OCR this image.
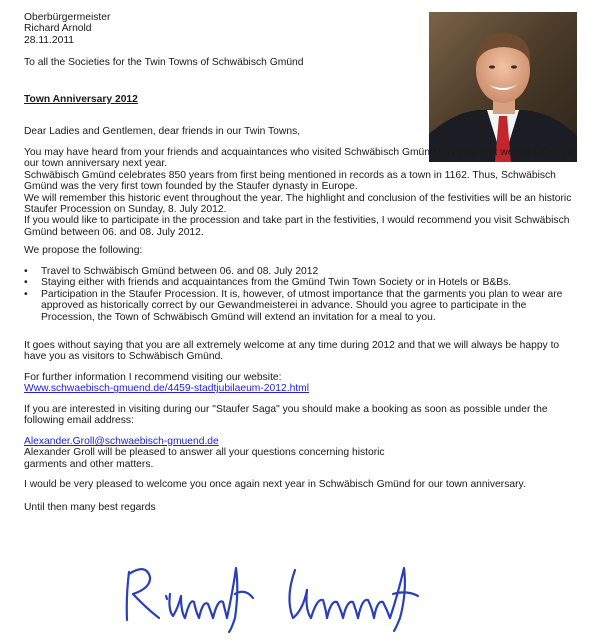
Oberbürgermeister
Richard Arnold
28.11.2011
To all the Societies for the Twin Towns of Schwäbisch Gmünd
Town Anniversary 2012
Dear Ladies and Gentlemen, dear friends in our Twin Towns,
You may have heard from your friends and acquaintances who visited Schwäbisch Gmünd this year that we will celebrate
our town anniversary next year.
Schwäbisch Gmünd celebrates 850 years from first being mentioned in records as a town in 1162. Thus, Schwäbisch
Gmünd was the very first town founded by the Staufer dynasty in Europe.
We will remember this historic event throughout the year. The highlight and conclusion of the festivities will be an historic
Staufer Procession on Sunday, 8. July 2012.
If you would like to participate in the procession and take part in the festivities, I would recommend you visit Schwäbisch
Gmünd between 06. and 08. July 2012.
We propose the following:
• Travel to Schwäbisch Gmünd between 06. and 08. July 2012
• Staying either with friends and acquaintances from the Gmünd Twin Town Society or in Hotels or B&Bs.
• Participation in the Staufer Procession. It is, however, of utmost importance that the garments you plan to wear are
approved as historically correct by our Gewandmeisterei in advance. Should you agree to participate in the
Procession, the Town of Schwäbisch Gmünd will extend an invitation for a meal to you.
It goes without saying that you are all extremely welcome at any time during 2012 and that we will always be happy to
have you as visitors to Schwäbisch Gmünd.
For further information I recommend visiting our website:
Www.schwaebisch-gmuend.de/4459-stadtjubilaeum-2012.html
If you are interested in visiting during our "Staufer Saga" you should make a booking as soon as possible under the
following email address:
Alexander.Groll@schwaebisch-gmuend.de
Alexander Groll will be pleased to answer all your questions concerning historic
garments and other matters.
I would be very pleased to welcome you once again next year in Schwäbisch Gmünd for our town anniversary.
Until then many best regards
